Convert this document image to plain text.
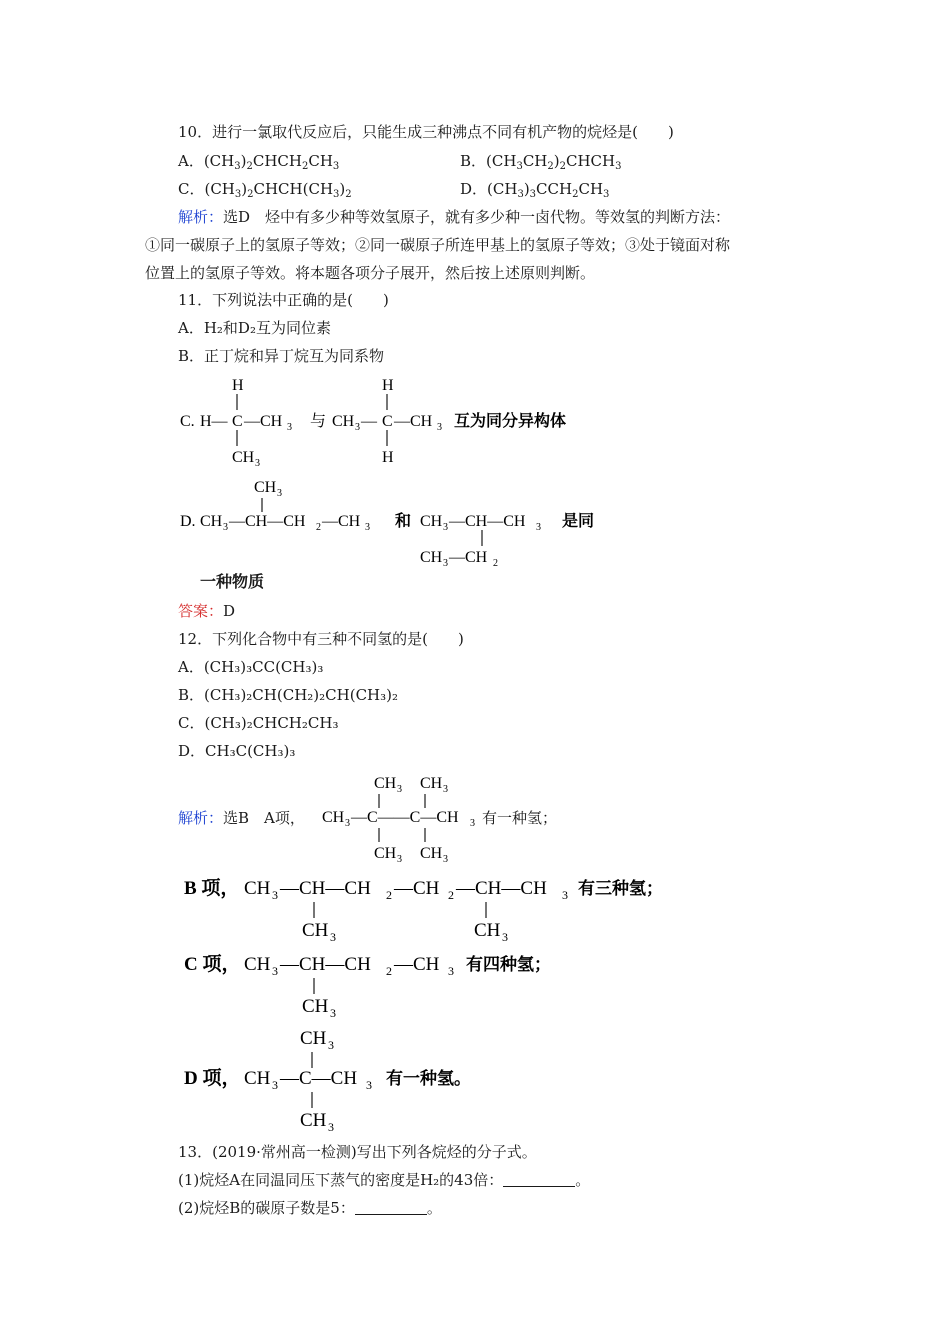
10．进行一氯取代反应后，只能生成三种沸点不同有机产物的烷烃是(　　)
A．$(CH_3)_2CHCH_2CH_3$	B．$(CH_3CH_2)_2CHCH_3$
C．$(CH_3)_2CHCH(CH_3)_2$	D．$(CH_3)_3CCH_2CH_3$
解析：选D　烃中有多少种等效氢原子，就有多少种一卤代物。等效氢的判断方法：
①同一碳原子上的氢原子等效；②同一碳原子所连甲基上的氢原子等效；③处于镜面对称
位置上的氢原子等效。将本题各项分子展开，然后按上述原则判断。
11．下列说法中正确的是(　　)
A．H₂和D₂互为同位素
B．正丁烷和异丁烷互为同系物
C. H—
H
C —CH 3
CH 3
与 CH 3 —
H
C —CH 3
H
互为同分异构体
D. CH 3 —CH—CH 2 —CH 3
CH 3
和 CH 3 —CH—CH 3
CH 3 —CH 2
是同
一种物质
答案：D
12．下列化合物中有三种不同氢的是(　　)
A．(CH₃)₃CC(CH₃)₃
B．(CH₃)₂CH(CH₂)₂CH(CH₃)₂
C．(CH₃)₂CHCH₂CH₃
D．CH₃C(CH₃)₃
解析：选B　A项，
CH 3 CH 3
CH 3 —C——C—CH 3
CH 3 CH 3
有一种氢；
B 项， CH 3 —CH—CH 2 —CH 2 —CH—CH 3
CH 3	CH 3
有三种氢；
C 项， CH 3 —CH—CH 2 —CH 3
CH 3
有四种氢；
CH 3
D 项， CH 3 —C—CH 3
CH 3
有一种氢。
13．(2019·常州高一检测)写出下列各烷烃的分子式。
(1)烷烃A在同温同压下蒸气的密度是H₂的43倍：	。
(2)烷烃B的碳原子数是5：	。
